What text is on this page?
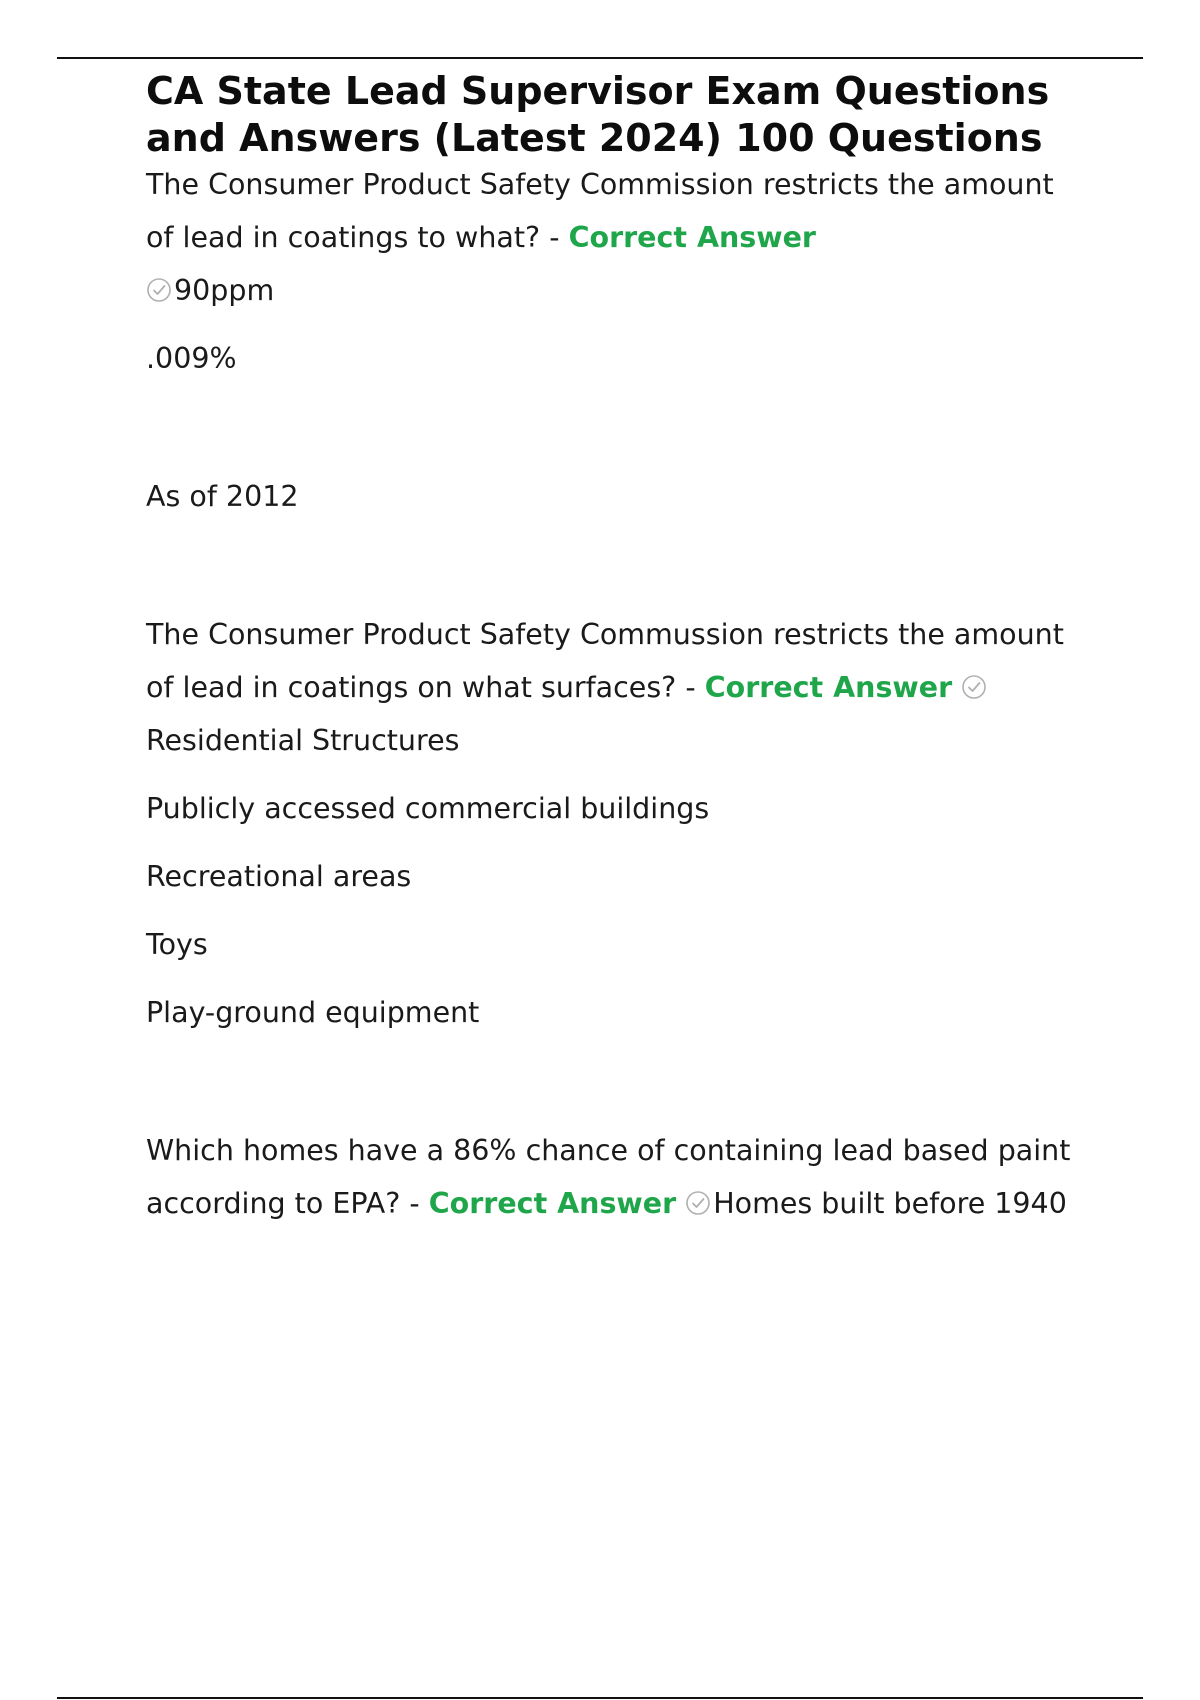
CA State Lead Supervisor Exam Questions and Answers (Latest 2024) 100 Questions

The Consumer Product Safety Commission restricts the amount of lead in coatings to what? - Correct Answer

90ppm

.009%

As of 2012

The Consumer Product Safety Commussion restricts the amount of lead in coatings on what surfaces? - Correct Answer
Residential Structures

Publicly accessed commercial buildings

Recreational areas

Toys

Play-ground equipment

Which homes have a 86% chance of containing lead based paint according to EPA? - Correct Answer Homes built before 1940
